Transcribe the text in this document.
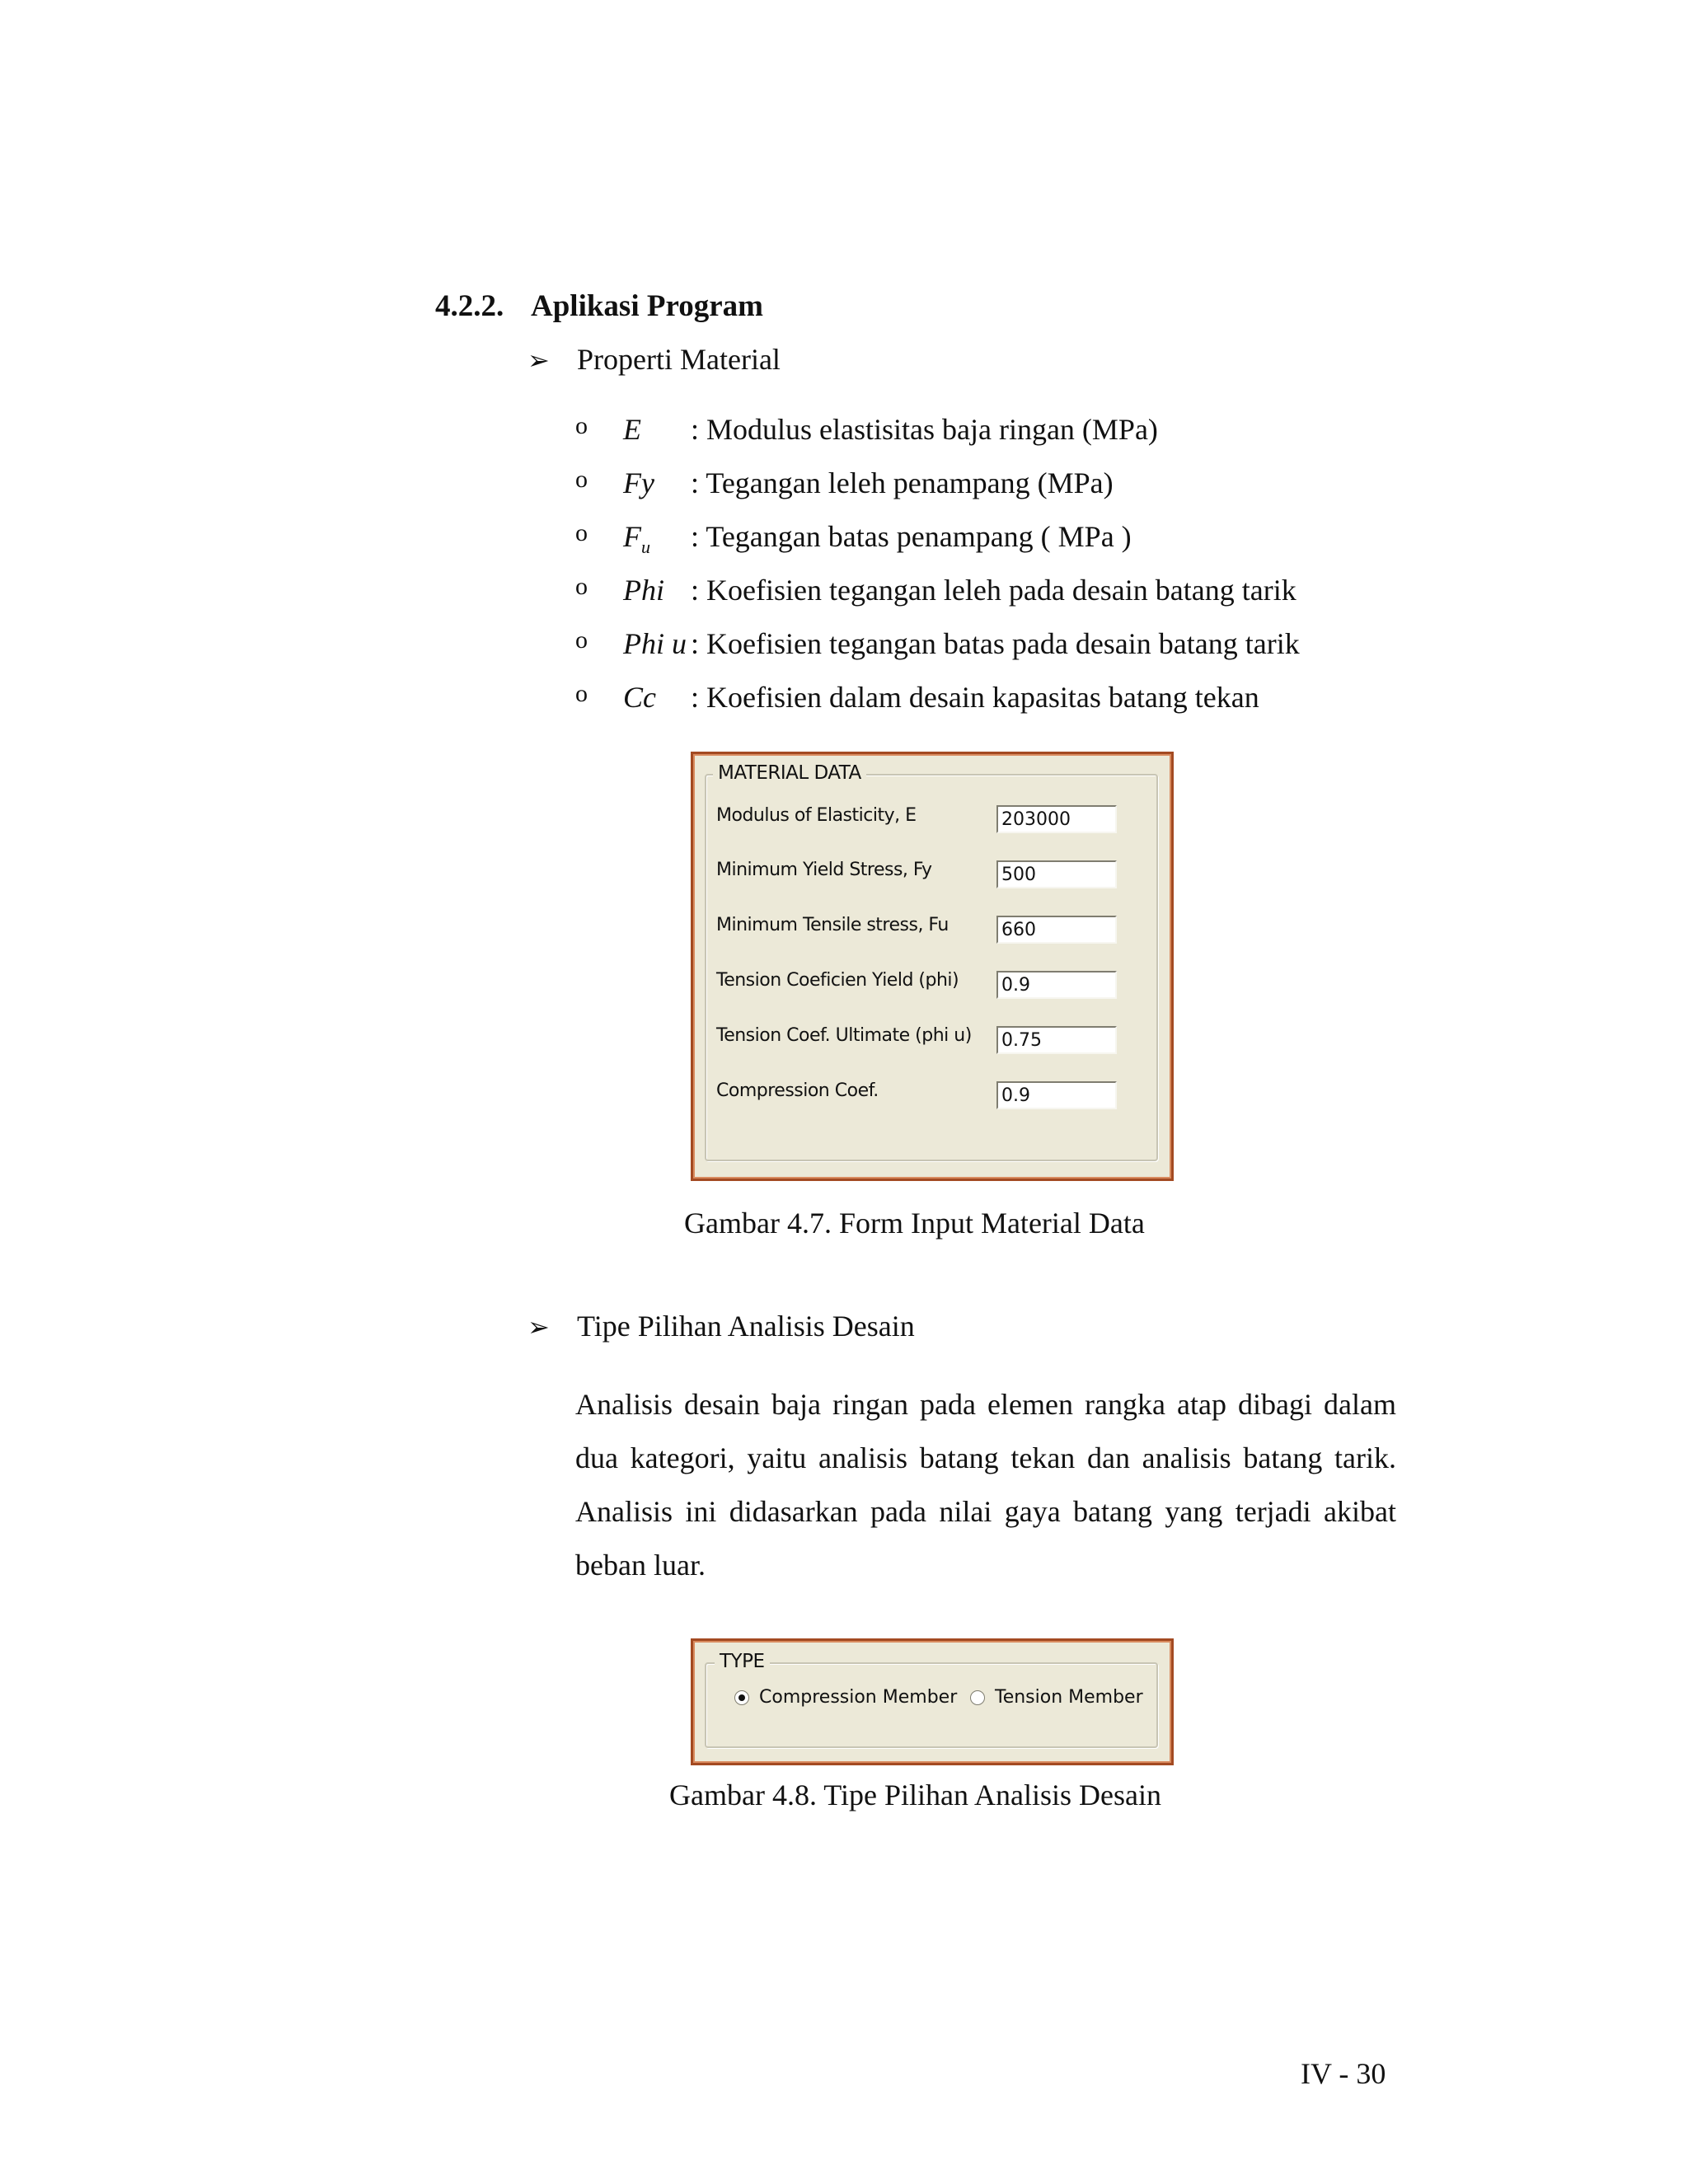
4.2.2. Aplikasi Program
➢ Properti Material
o E : Modulus elastisitas baja ringan (MPa)
o Fy : Tegangan leleh penampang (MPa)
o $F_u$ : Tegangan batas penampang ( MPa )
o Phi : Koefisien tegangan leleh pada desain batang tarik
o Phi u : Koefisien tegangan batas pada desain batang tarik
o Cc : Koefisien dalam desain kapasitas batang tekan
MATERIAL DATA
Modulus of Elasticity, E
203000
Minimum Yield Stress, Fy
500
Minimum Tensile stress, Fu
660
Tension Coeficien Yield (phi)
0.9
Tension Coef. Ultimate (phi u)
0.75
Compression Coef.
0.9
Gambar 4.7. Form Input Material Data
➢ Tipe Pilihan Analisis Desain
Analisis desain baja ringan pada elemen rangka atap dibagi dalam dua kategori, yaitu analisis batang tekan dan analisis batang tarik. Analisis ini didasarkan pada nilai gaya batang yang terjadi akibat beban luar.
TYPE
Compression Member Tension Member
Gambar 4.8. Tipe Pilihan Analisis Desain
IV - 30
